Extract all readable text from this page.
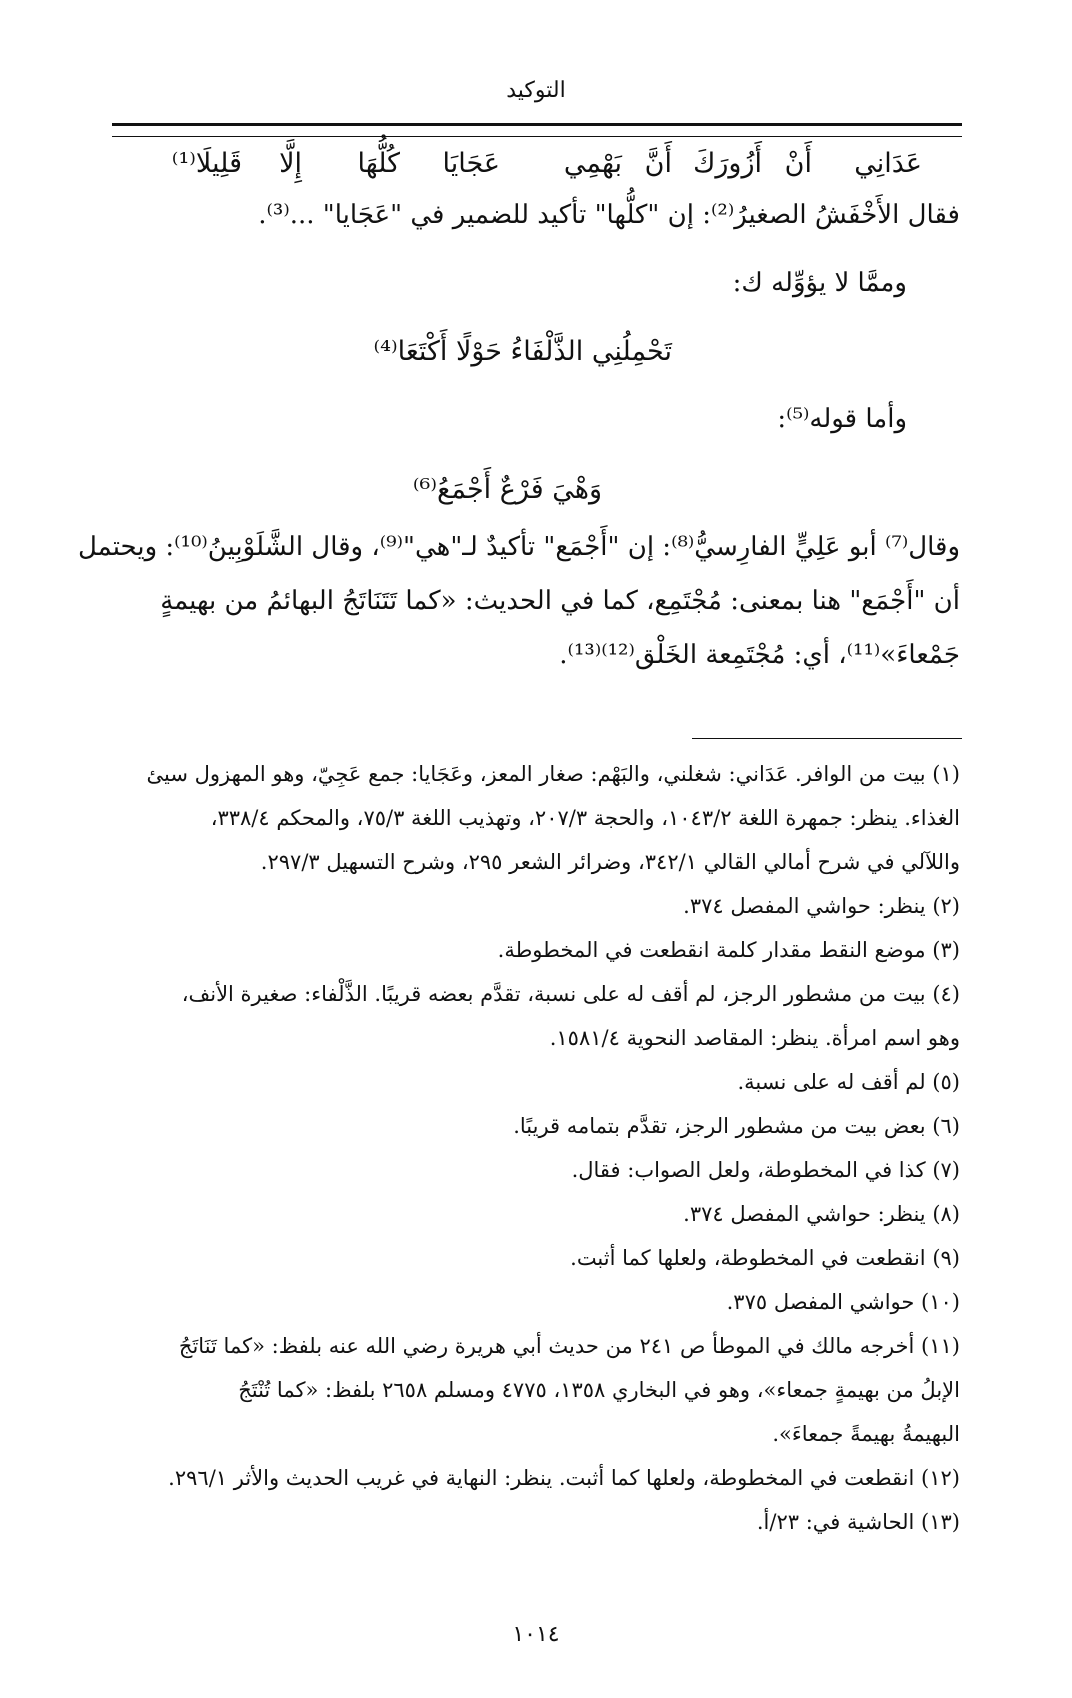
التوكيد
عَدَانِي
أَنْ
أَزُورَكَ
أَنَّ
بَهْمِي
عَجَايَا
كُلُّهَا
إِلَّا
قَلِيلَا⁽¹⁾
فقال الأَخْفَشُ الصغيرُ⁽²⁾: إن "كلُّها" تأكيد للضمير في "عَجَايا" ...⁽³⁾.
وممَّا لا يؤوِّله ك:
تَحْمِلُنِي الذَّلْفَاءُ حَوْلًا أَكْتَعَا⁽⁴⁾
وأما قوله⁽⁵⁾:
وَهْيَ فَرْعٌ أَجْمَعُ⁽⁶⁾
وقال⁽⁷⁾ أبو عَلِيٍّ الفارِسيُّ⁽⁸⁾: إن "أَجْمَع" تأكيدٌ لـ"هي"⁽⁹⁾، وقال الشَّلَوْبِينُ⁽¹⁰⁾: ويحتمل
أن "أَجْمَع" هنا بمعنى: مُجْتَمِع، كما في الحديث: «كما تَتَنَاتَجُ البهائمُ من بهيمةٍ
جَمْعاءَ»⁽¹¹⁾، أي: مُجْتَمِعة الخَلْق⁽¹²⁾⁽¹³⁾.
(١) بيت من الوافر. عَدَاني: شغلني، والبَهْم: صغار المعز، وعَجَايا: جمع عَجِيّ، وهو المهزول سيئ
الغذاء. ينظر: جمهرة اللغة ١٠٤٣/٢، والحجة ٢٠٧/٣، وتهذيب اللغة ٧٥/٣، والمحكم ٣٣٨/٤،
واللآلي في شرح أمالي القالي ٣٤٢/١، وضرائر الشعر ٢٩٥، وشرح التسهيل ٢٩٧/٣.
(٢) ينظر: حواشي المفصل ٣٧٤.
(٣) موضع النقط مقدار كلمة انقطعت في المخطوطة.
(٤) بيت من مشطور الرجز، لم أقف له على نسبة، تقدَّم بعضه قريبًا. الذَّلْفاء: صغيرة الأنف،
وهو اسم امرأة. ينظر: المقاصد النحوية ١٥٨١/٤.
(٥) لم أقف له على نسبة.
(٦) بعض بيت من مشطور الرجز، تقدَّم بتمامه قريبًا.
(٧) كذا في المخطوطة، ولعل الصواب: فقال.
(٨) ينظر: حواشي المفصل ٣٧٤.
(٩) انقطعت في المخطوطة، ولعلها كما أثبت.
(١٠) حواشي المفصل ٣٧٥.
(١١) أخرجه مالك في الموطأ ص ٢٤١ من حديث أبي هريرة رضي الله عنه بلفظ: «كما تَنَاتَجُ
الإبلُ من بهيمةٍ جمعاء»، وهو في البخاري ١٣٥٨، ٤٧٧٥ ومسلم ٢٦٥٨ بلفظ: «كما تُنْتَجُ
البهيمةُ بهيمةً جمعاءَ».
(١٢) انقطعت في المخطوطة، ولعلها كما أثبت. ينظر: النهاية في غريب الحديث والأثر ٢٩٦/١.
(١٣) الحاشية في: ٢٣/أ.
١٠١٤
